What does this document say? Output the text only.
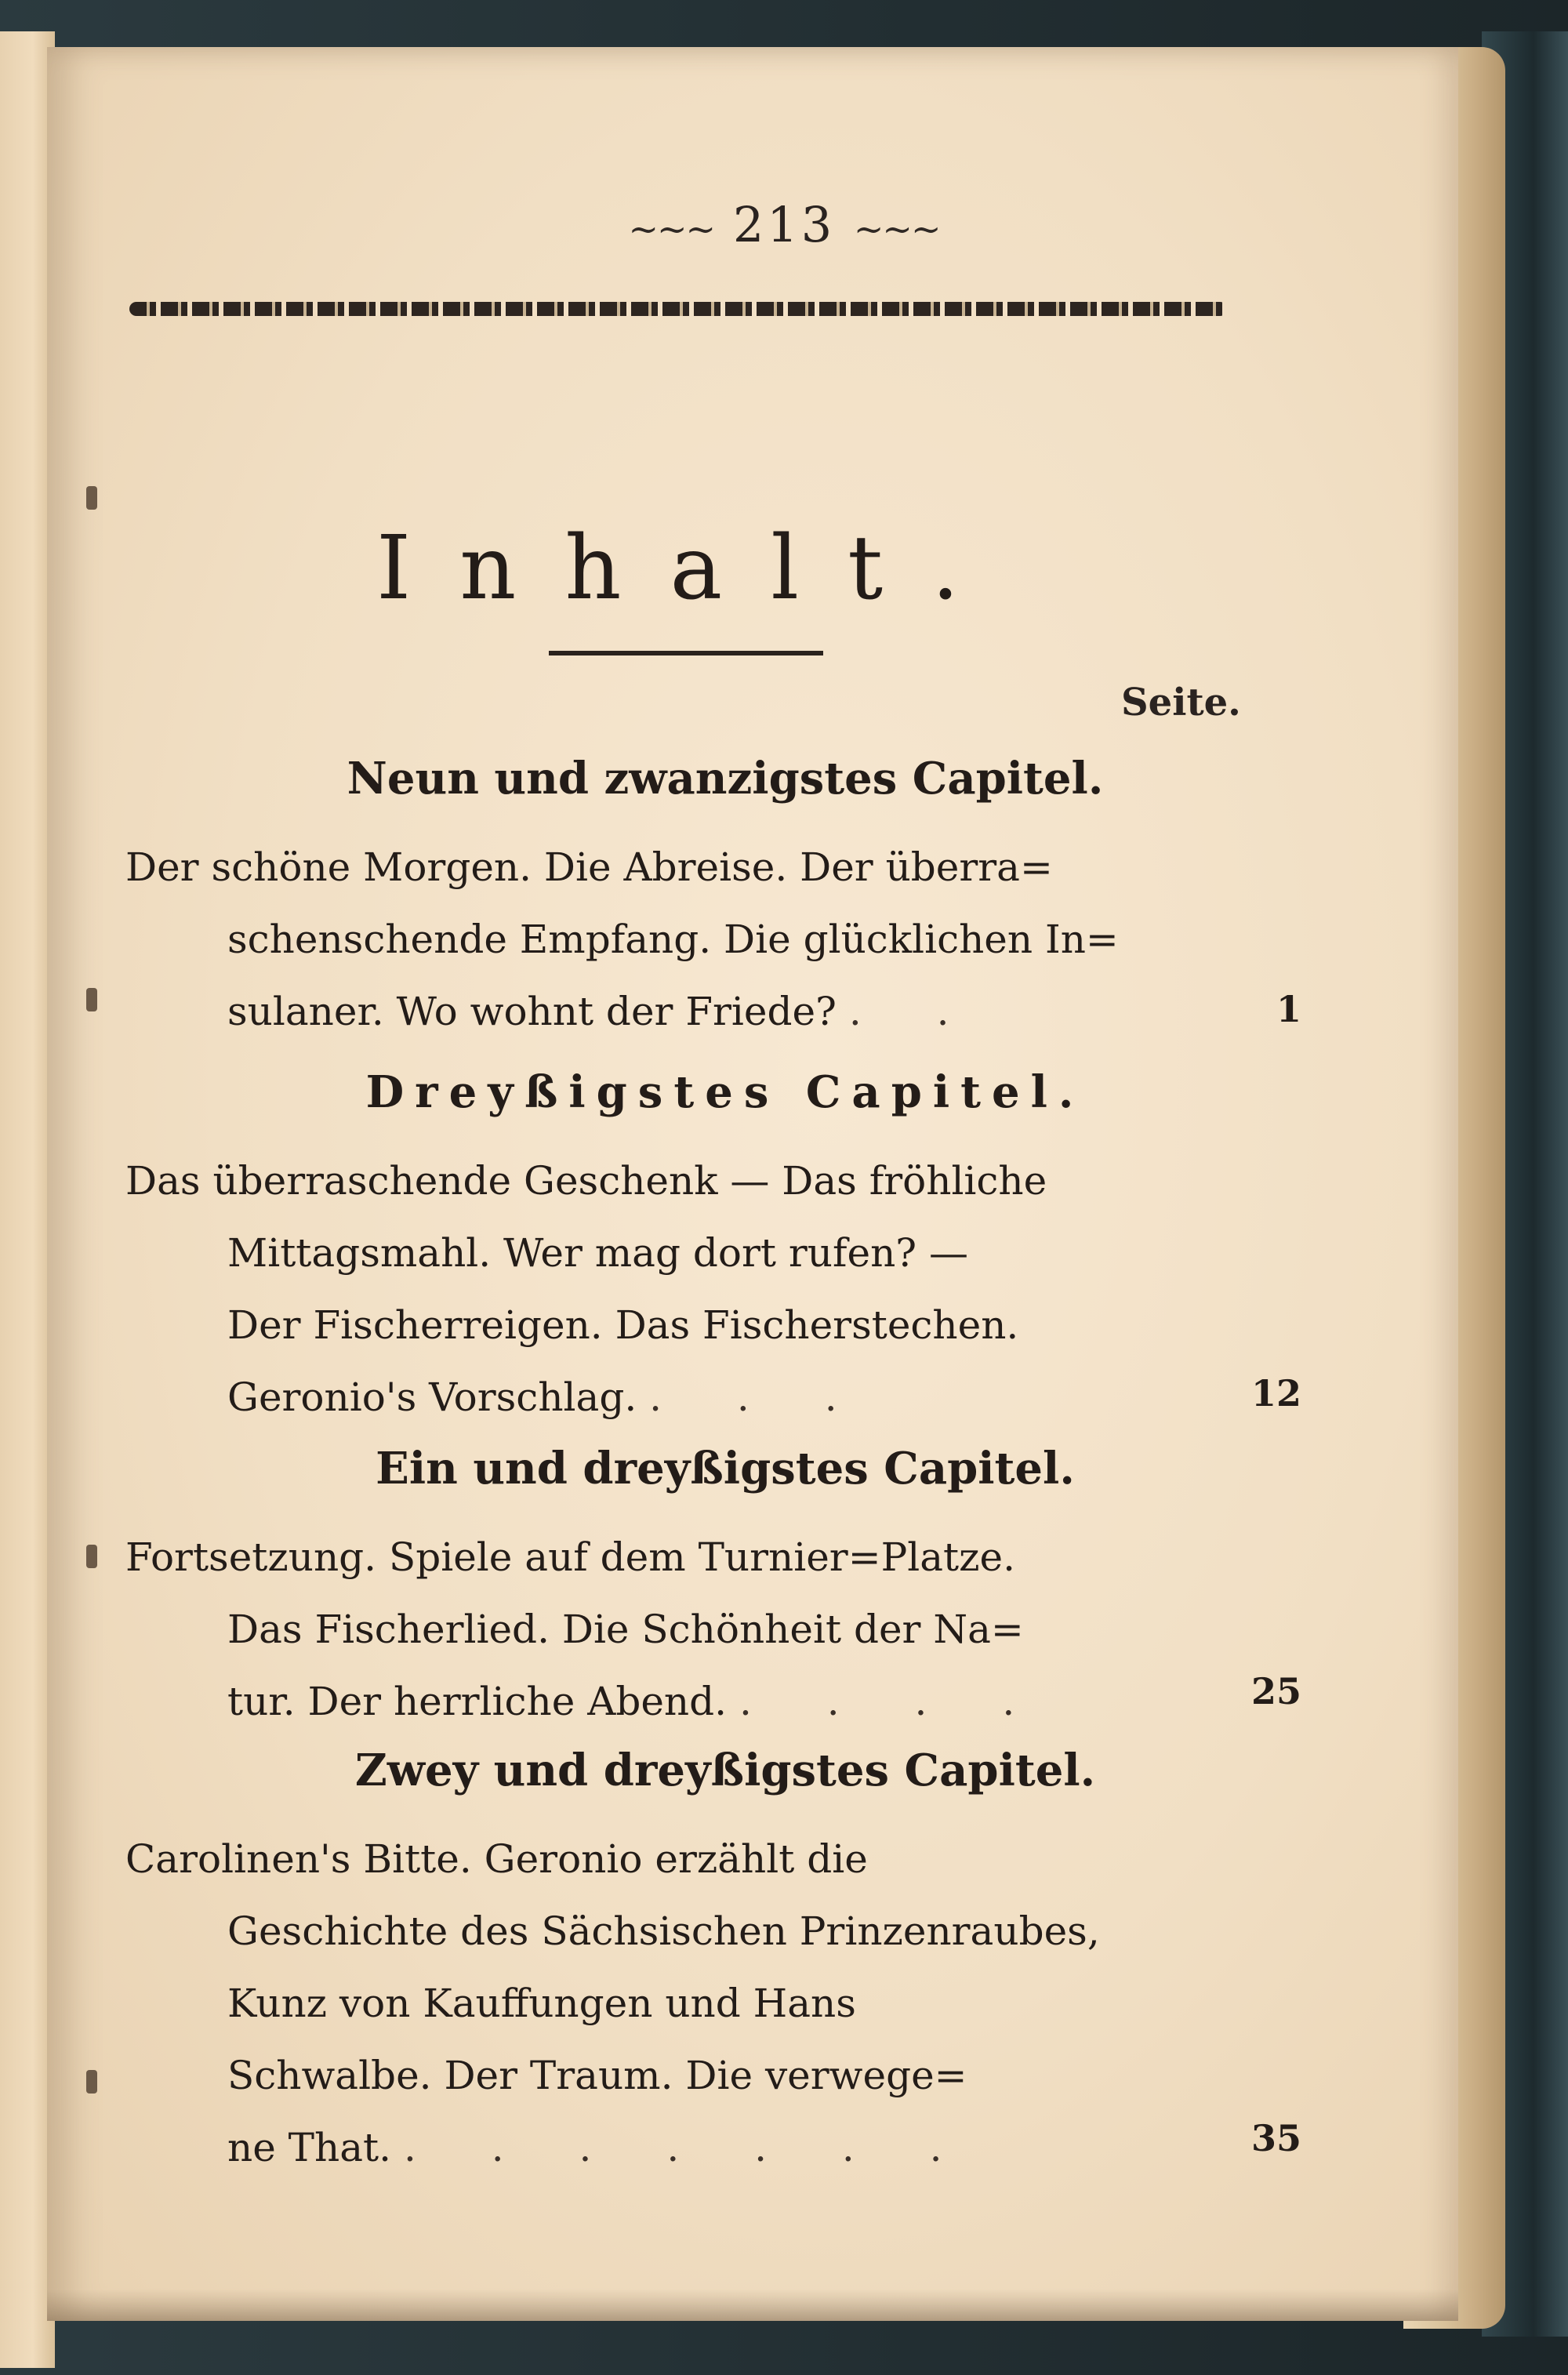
~~~ 213 ~~~
Inhalt.
Seite.
Neun und zwanzigstes Capitel.
Der schöne Morgen. Die Abreise. Der überra=
schenschende Empfang. Die glücklichen In=
sulaner. Wo wohnt der Friede? . .	1
Dreyßigstes Capitel.
Das überraschende Geschenk — Das fröhliche
Mittagsmahl. Wer mag dort rufen? —
Der Fischerreigen. Das Fischerstechen.
Geronio's Vorschlag. . . .	12
Ein und dreyßigstes Capitel.
Fortsetzung. Spiele auf dem Turnier=Platze.
Das Fischerlied. Die Schönheit der Na=
tur. Der herrliche Abend. . . . .	25
Zwey und dreyßigstes Capitel.
Carolinen's Bitte. Geronio erzählt die
Geschichte des Sächsischen Prinzenraubes,
Kunz von Kauffungen und Hans
Schwalbe. Der Traum. Die verwege=
ne That. . . . . . . .	35
